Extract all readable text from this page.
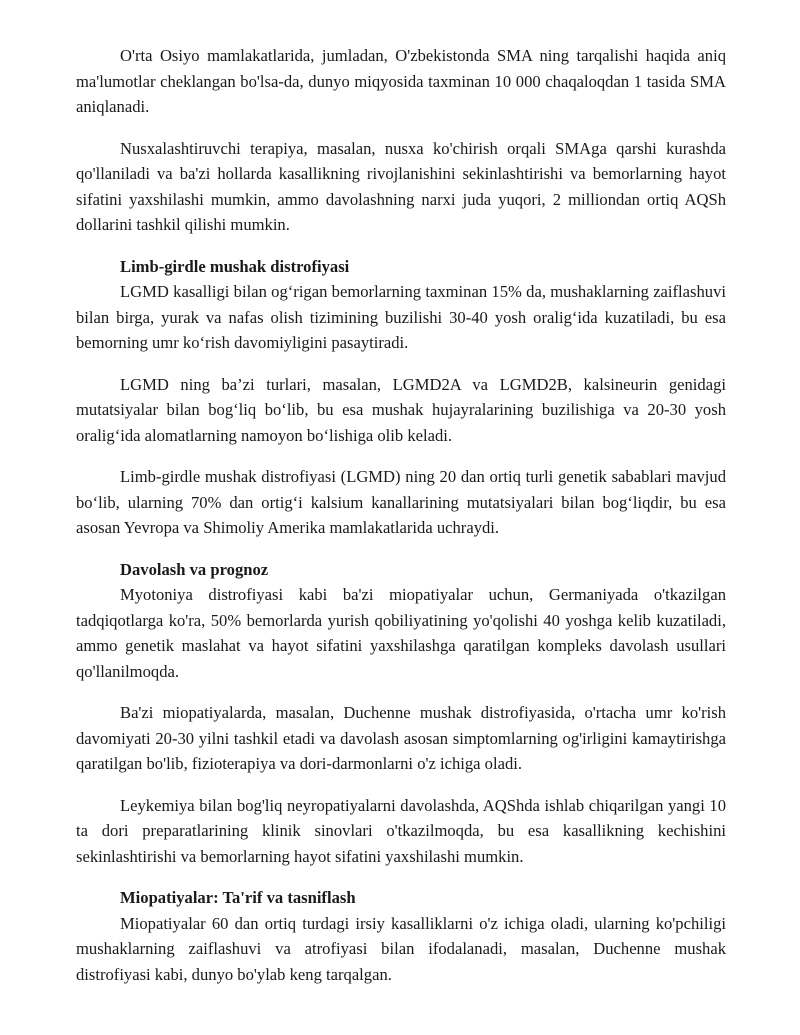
O'rta Osiyo mamlakatlarida, jumladan, O'zbekistonda SMA ning tarqalishi haqida aniq ma'lumotlar cheklangan bo'lsa-da, dunyo miqyosida taxminan 10 000 chaqaloqdan 1 tasida SMA aniqlanadi.

Nusxalashtiruvchi terapiya, masalan, nusxa ko'chirish orqali SMAga qarshi kurashda qo'llaniladi va ba'zi hollarda kasallikning rivojlanishini sekinlashtirishi va bemorlarning hayot sifatini yaxshilashi mumkin, ammo davolashning narxi juda yuqori, 2 milliondan ortiq AQSh dollarini tashkil qilishi mumkin.

Limb-girdle mushak distrofiyasi

LGMD kasalligi bilan og‘rigan bemorlarning taxminan 15% da, mushaklarning zaiflashuvi bilan birga, yurak va nafas olish tizimining buzilishi 30-40 yosh oralig‘ida kuzatiladi, bu esa bemorning umr ko‘rish davomiyligini pasaytiradi.

LGMD ning ba’zi turlari, masalan, LGMD2A va LGMD2B, kalsineurin genidagi mutatsiyalar bilan bog‘liq bo‘lib, bu esa mushak hujayralarining buzilishiga va 20-30 yosh oralig‘ida alomatlarning namoyon bo‘lishiga olib keladi.

Limb-girdle mushak distrofiyasi (LGMD) ning 20 dan ortiq turli genetik sabablari mavjud bo‘lib, ularning 70% dan ortig‘i kalsium kanallarining mutatsiyalari bilan bog‘liqdir, bu esa asosan Yevropa va Shimoliy Amerika mamlakatlarida uchraydi.

Davolash va prognoz

Myotoniya distrofiyasi kabi ba'zi miopatiyalar uchun, Germaniyada o'tkazilgan tadqiqotlarga ko'ra, 50% bemorlarda yurish qobiliyatining yo'qolishi 40 yoshga kelib kuzatiladi, ammo genetik maslahat va hayot sifatini yaxshilashga qaratilgan kompleks davolash usullari qo'llanilmoqda.

Ba'zi miopatiyalarda, masalan, Duchenne mushak distrofiyasida, o'rtacha umr ko'rish davomiyati 20-30 yilni tashkil etadi va davolash asosan simptomlarning og'irligini kamaytirishga qaratilgan bo'lib, fizioterapiya va dori-darmonlarni o'z ichiga oladi.

Leykemiya bilan bog'liq neyropatiyalarni davolashda, AQShda ishlab chiqarilgan yangi 10 ta dori preparatlarining klinik sinovlari o'tkazilmoqda, bu esa kasallikning kechishini sekinlashtirishi va bemorlarning hayot sifatini yaxshilashi mumkin.

Miopatiyalar: Ta'rif va tasniflash

Miopatiyalar 60 dan ortiq turdagi irsiy kasalliklarni o'z ichiga oladi, ularning ko'pchiligi mushaklarning zaiflashuvi va atrofiyasi bilan ifodalanadi, masalan, Duchenne mushak distrofiyasi kabi, dunyo bo'ylab keng tarqalgan.
